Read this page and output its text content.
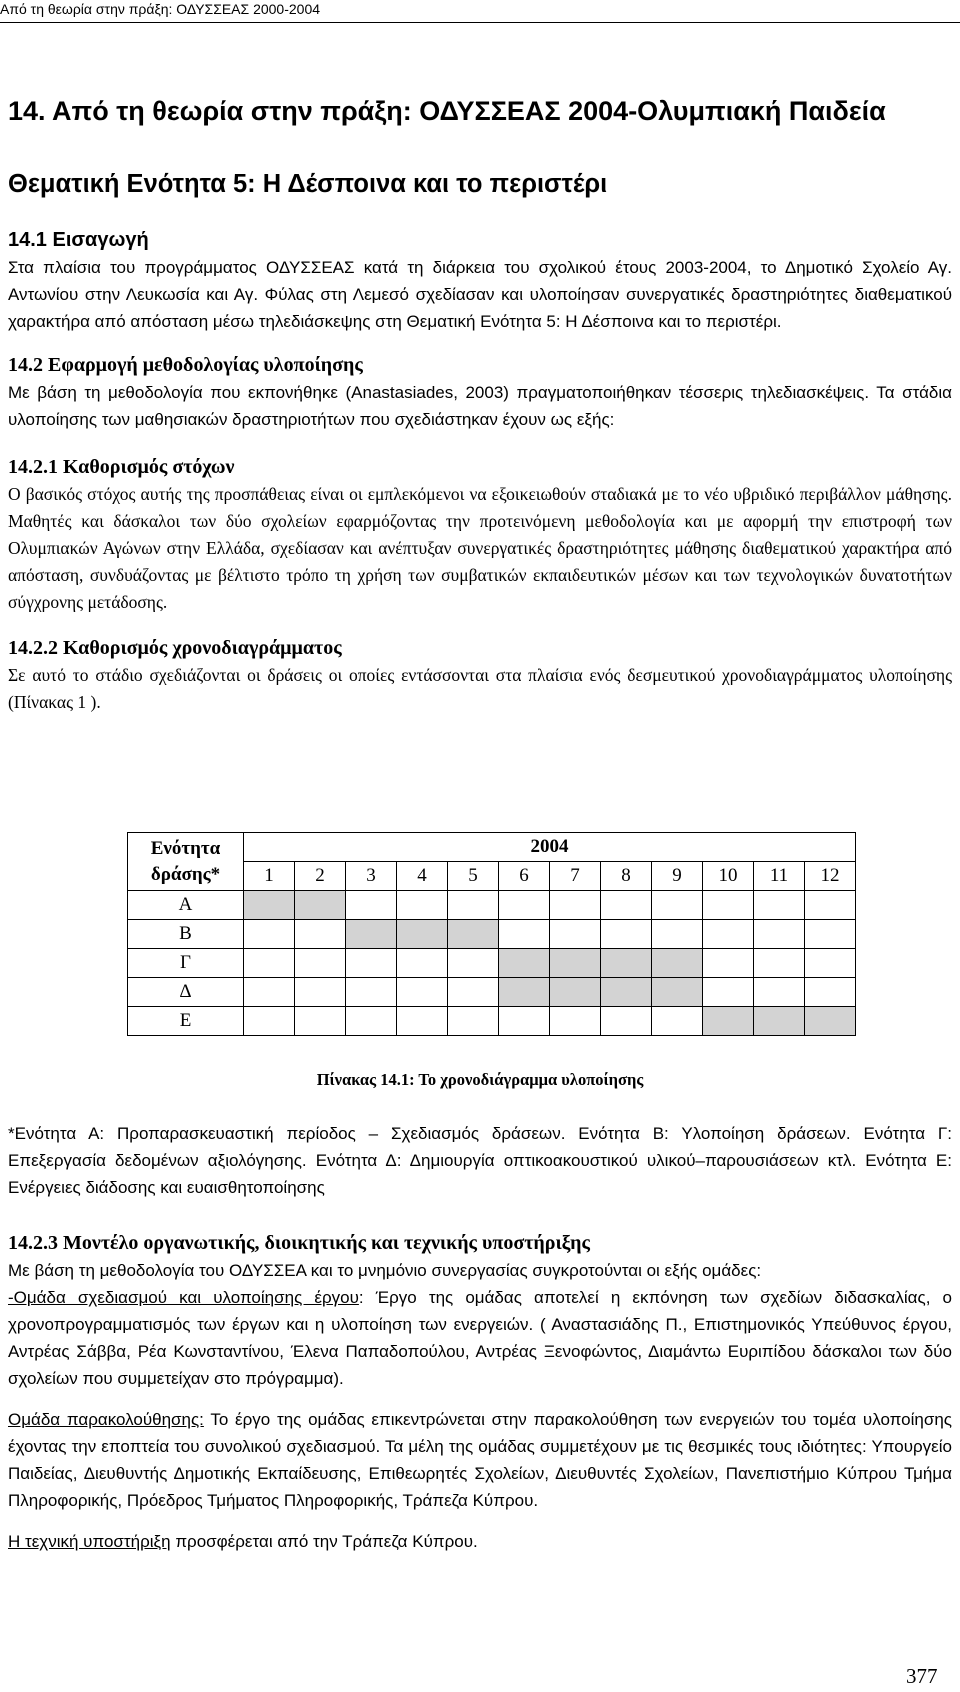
Από τη θεωρία στην πράξη: ΟΔΥΣΣΕΑΣ 2000-2004
14. Από τη θεωρία στην πράξη: ΟΔΥΣΣΕΑΣ 2004-Ολυμπιακή Παιδεία
Θεματική Ενότητα 5: Η Δέσποινα και το περιστέρι
14.1 Εισαγωγή

Στα πλαίσια του προγράμματος ΟΔΥΣΣΕΑΣ κατά τη διάρκεια του σχολικού έτους 2003-2004, το Δημοτικό Σχολείο Αγ. Αντωνίου στην Λευκωσία και Αγ. Φύλας στη Λεμεσό σχεδίασαν και υλοποίησαν συνεργατικές δραστηριότητες διαθεματικού χαρακτήρα από απόσταση μέσω τηλεδιάσκεψης στη Θεματική Ενότητα 5: Η Δέσποινα και το περιστέρι.

14.2 Εφαρμογή μεθοδολογίας υλοποίησης

Με βάση τη μεθοδολογία που εκπονήθηκε (Anastasiades, 2003) πραγματοποιήθηκαν τέσσερις τηλεδιασκέψεις. Τα στάδια υλοποίησης των μαθησιακών δραστηριοτήτων που σχεδιάστηκαν έχουν ως εξής:

14.2.1 Καθορισμός στόχων

Ο βασικός στόχος αυτής της προσπάθειας είναι οι εμπλεκόμενοι να εξοικειωθούν σταδιακά με το νέο υβριδικό περιβάλλον μάθησης. Μαθητές και δάσκαλοι των δύο σχολείων εφαρμόζοντας την προτεινόμενη μεθοδολογία και με αφορμή την επιστροφή των Ολυμπιακών Αγώνων στην Ελλάδα, σχεδίασαν και ανέπτυξαν συνεργατικές δραστηριότητες μάθησης διαθεματικού χαρακτήρα από απόσταση, συνδυάζοντας με βέλτιστο τρόπο τη χρήση των συμβατικών εκπαιδευτικών μέσων και των τεχνολογικών δυνατοτήτων σύγχρονης μετάδοσης.

14.2.2 Καθορισμός χρονοδιαγράμματος

Σε αυτό το στάδιο σχεδιάζονται οι δράσεις οι οποίες εντάσσονται στα πλαίσια ενός δεσμευτικού χρονοδιαγράμματος υλοποίησης (Πίνακας 1 ).

Ενότητα δράσης*	2004											
	1	2	3	4	5	6	7	8	9	10	11	12
Α												
Β												
Γ												
Δ												
Ε												
Πίνακας 14.1: Το χρονοδιάγραμμα υλοποίησης

*Ενότητα Α: Προπαρασκευαστική περίοδος – Σχεδιασμός δράσεων. Ενότητα Β: Υλοποίηση δράσεων. Ενότητα Γ: Επεξεργασία δεδομένων αξιολόγησης. Ενότητα Δ: Δημιουργία οπτικοακουστικού υλικού–παρουσιάσεων κτλ. Ενότητα Ε: Ενέργειες διάδοσης και ευαισθητοποίησης

14.2.3 Μοντέλο οργανωτικής, διοικητικής και τεχνικής υποστήριξης

Με βάση τη μεθοδολογία του ΟΔΥΣΣΕΑ και το μνημόνιο συνεργασίας συγκροτούνται οι εξής ομάδες:

-Ομάδα σχεδιασμού και υλοποίησης έργου: Έργο της ομάδας αποτελεί η εκπόνηση των σχεδίων διδασκαλίας, ο χρονοπρογραμματισμός των έργων και η υλοποίηση των ενεργειών. ( Αναστασιάδης Π., Επιστημονικός Υπεύθυνος έργου, Αντρέας Σάββα, Ρέα Κωνσταντίνου, Έλενα Παπαδοπούλου, Αντρέας Ξενοφώντος, Διαμάντω Ευριπίδου δάσκαλοι των δύο σχολείων που συμμετείχαν στο πρόγραμμα).

Ομάδα παρακολούθησης: Το έργο της ομάδας επικεντρώνεται στην παρακολούθηση των ενεργειών του τομέα υλοποίησης έχοντας την εποπτεία του συνολικού σχεδιασμού. Τα μέλη της ομάδας συμμετέχουν με τις θεσμικές τους ιδιότητες: Υπουργείο Παιδείας, Διευθυντής Δημοτικής Εκπαίδευσης, Επιθεωρητές Σχολείων, Διευθυντές Σχολείων, Πανεπιστήμιο Κύπρου Τμήμα Πληροφορικής, Πρόεδρος Τμήματος Πληροφορικής, Τράπεζα Κύπρου.

Η τεχνική υποστήριξη προσφέρεται από την Τράπεζα Κύπρου.

377
